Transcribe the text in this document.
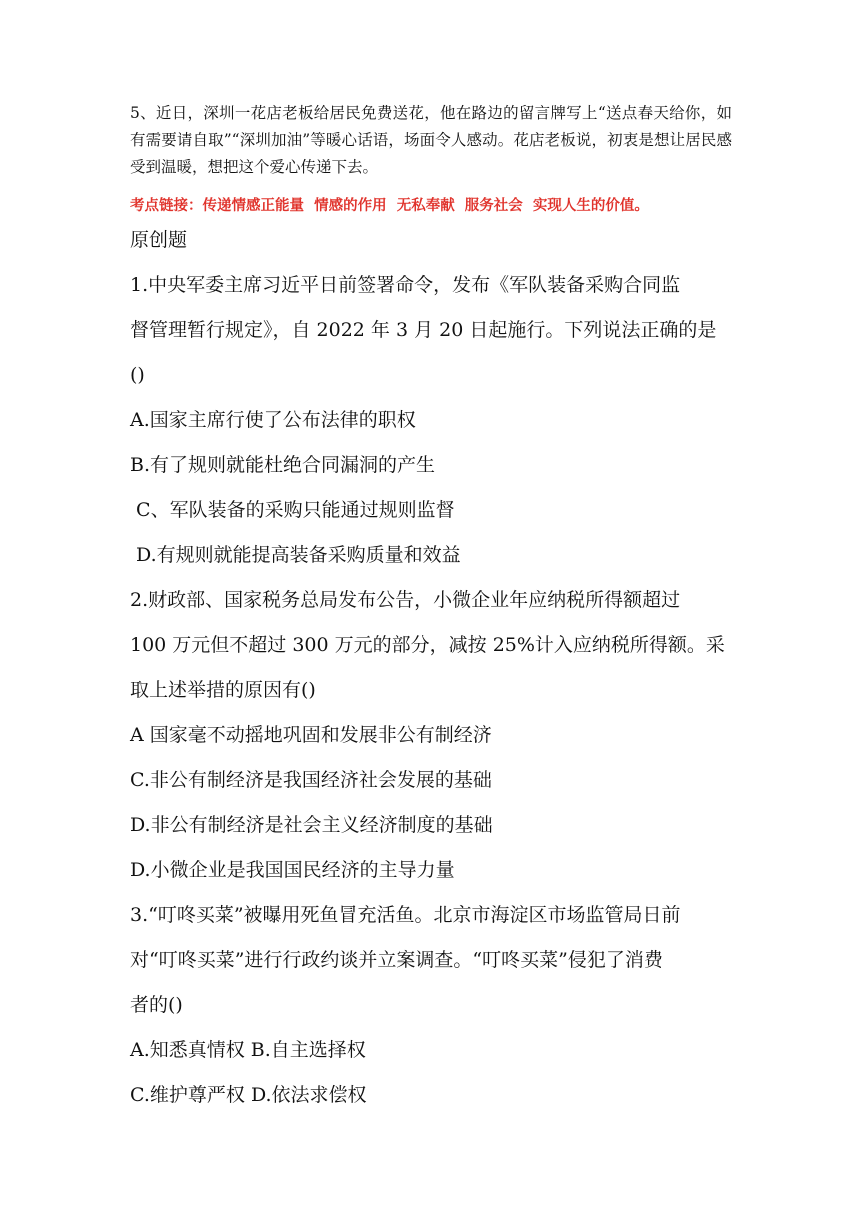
5、近日，深圳一花店老板给居民免费送花，他在路边的留言牌写上“送点春天给你，如有需要请自取”“深圳加油”等暖心话语，场面令人感动。花店老板说，初衷是想让居民感受到温暖，想把这个爱心传递下去。

考点链接：传递情感正能量  情感的作用  无私奉献  服务社会  实现人生的价值。

原创题
1.中央军委主席习近平日前签署命令，发布《军队装备采购合同监
督管理暂行规定》，自 2022 年 3 月 20 日起施行。下列说法正确的是
()
A.国家主席行使了公布法律的职权
B.有了规则就能杜绝合同漏洞的产生
C、军队装备的采购只能通过规则监督
D.有规则就能提高装备采购质量和效益
2.财政部、国家税务总局发布公告，小微企业年应纳税所得额超过
100 万元但不超过 300 万元的部分，减按 25%计入应纳税所得额。采
取上述举措的原因有()
A 国家毫不动摇地巩固和发展非公有制经济
C.非公有制经济是我国经济社会发展的基础
D.非公有制经济是社会主义经济制度的基础
D.小微企业是我国国民经济的主导力量
3.“叮咚买菜”被曝用死鱼冒充活鱼。北京市海淀区市场监管局日前
对“叮咚买菜”进行行政约谈并立案调查。“叮咚买菜”侵犯了消费
者的()
A.知悉真情权 B.自主选择权
C.维护尊严权 D.依法求偿权
